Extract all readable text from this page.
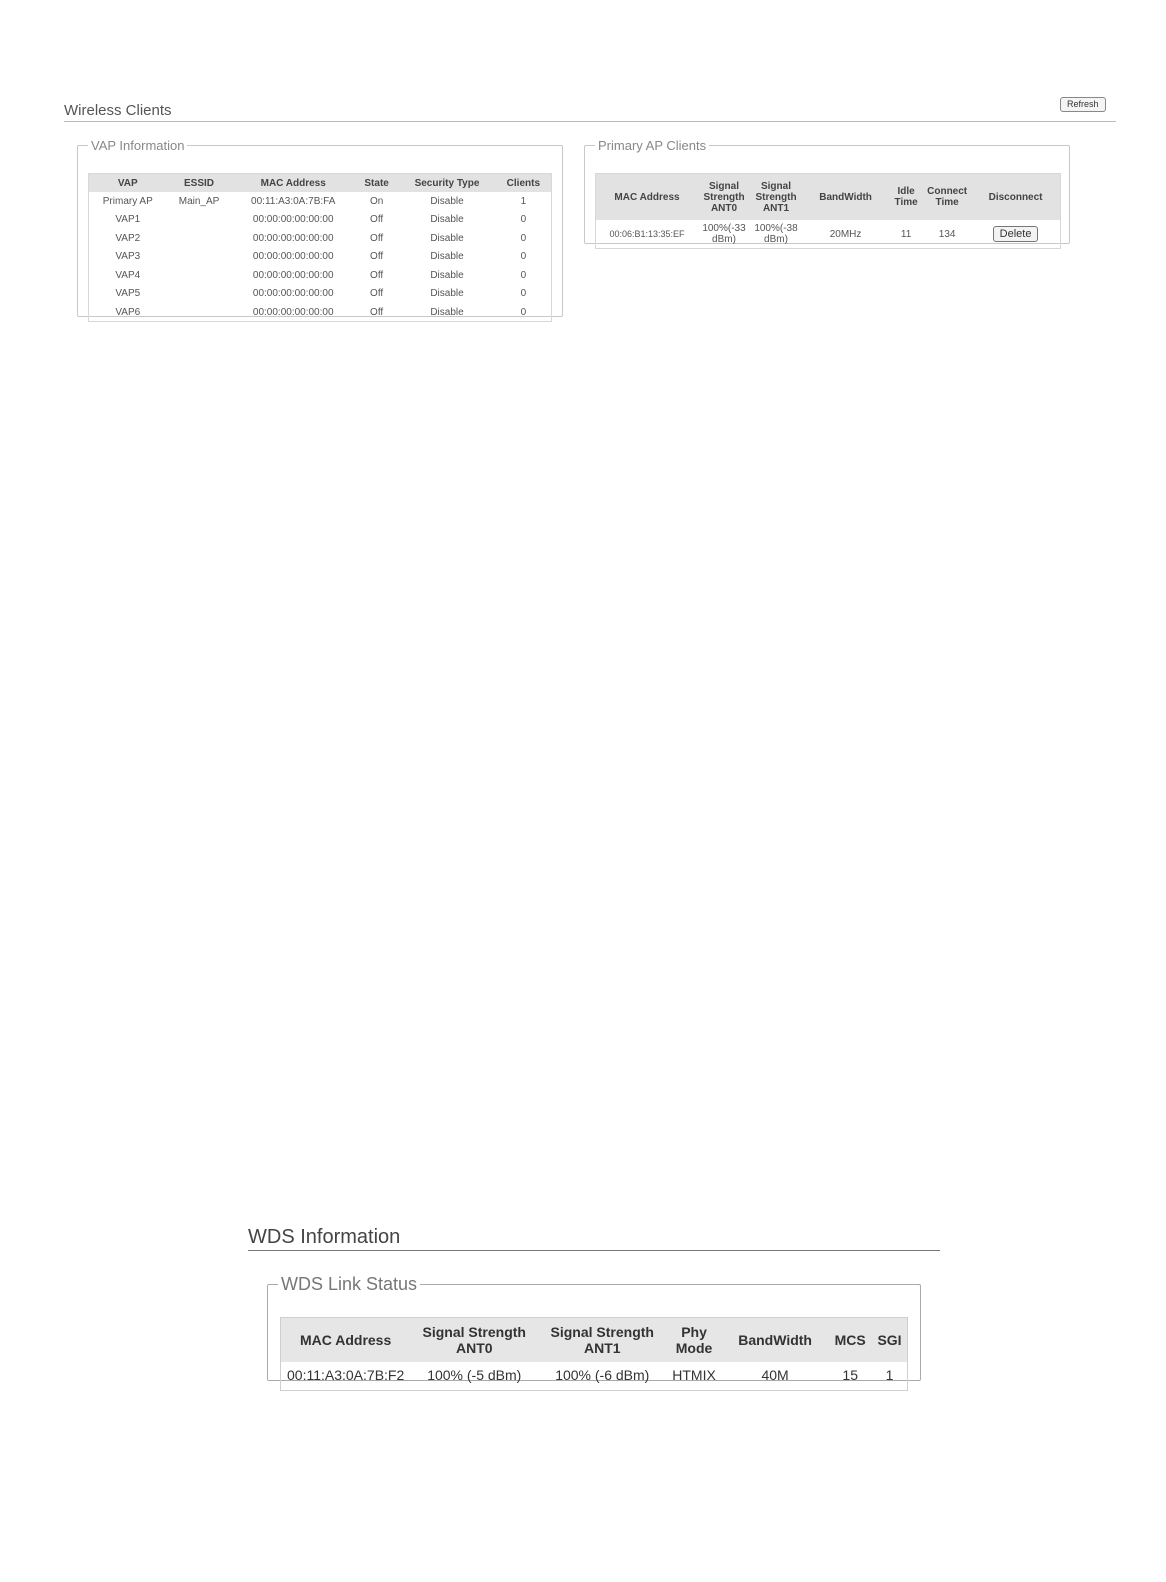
Wireless Clients	Refresh
VAP Information
VAP	ESSID	MAC Address	State	Security Type	Clients
Primary AP	Main_AP	00:11:A3:0A:7B:FA	On	Disable	1
VAP1		00:00:00:00:00:00	Off	Disable	0
VAP2		00:00:00:00:00:00	Off	Disable	0
VAP3		00:00:00:00:00:00	Off	Disable	0
VAP4		00:00:00:00:00:00	Off	Disable	0
VAP5		00:00:00:00:00:00	Off	Disable	0
VAP6		00:00:00:00:00:00	Off	Disable	0
Primary AP Clients
MAC Address	Signal Strength ANT0	Signal Strength ANT1	BandWidth	Idle Time	Connect Time	Disconnect
00:06:B1:13:35:EF	100%(-33dBm)	100%(-38dBm)	20MHz	11	134	Delete
WDS Information
WDS Link Status
MAC Address	Signal Strength ANT0	Signal Strength ANT1	Phy Mode	BandWidth	MCS	SGI
00:11:A3:0A:7B:F2	100% (-5 dBm)	100% (-6 dBm)	HTMIX	40M	15	1
